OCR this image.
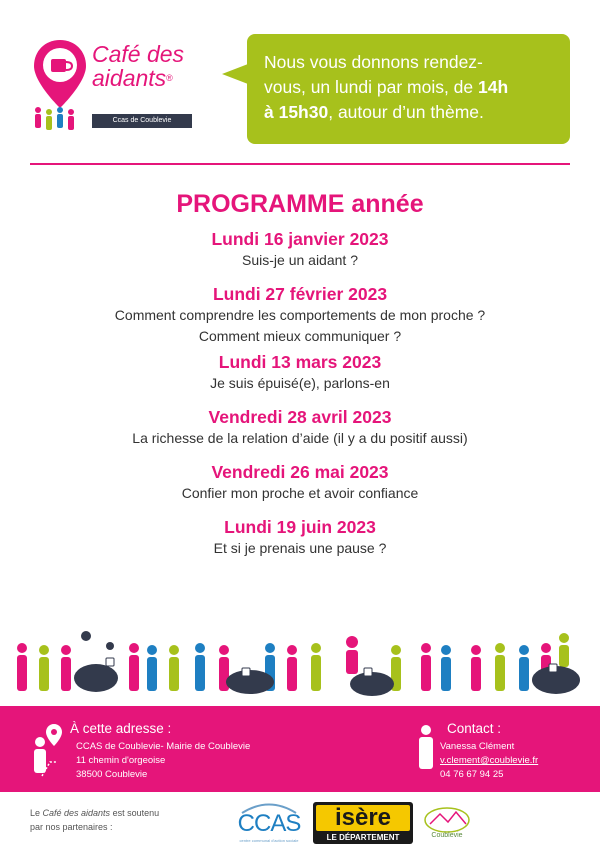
Café des
aidants®
Ccas de Coublevie
Nous vous donnons rendez-
vous, un lundi par mois, de 14h
à 15h30, autour d’un thème.
PROGRAMME année
Lundi 16 janvier 2023
Suis-je un aidant ?
Lundi 27 février 2023
Comment comprendre les comportements de mon proche ?
Comment mieux communiquer ?
Lundi 13 mars 2023
Je suis épuisé(e), parlons-en
Vendredi 28 avril 2023
La richesse de la relation d’aide (il y a du positif aussi)
Vendredi 26 mai 2023
Confier mon proche et avoir confiance
Lundi 19 juin 2023
Et si je prenais une pause ?
À cette adresse :
CCAS de Coublevie- Mairie de Coublevie
11 chemin d'orgeoise
38500 Coublevie
Contact :
Vanessa Clément
v.clement@coublevie.fr
04 76 67 94 25
Le Café des aidants est soutenu
par nos partenaires :	CCAS
centre communal d'action sociale
isère
LE DÉPARTEMENT	Coublevie
